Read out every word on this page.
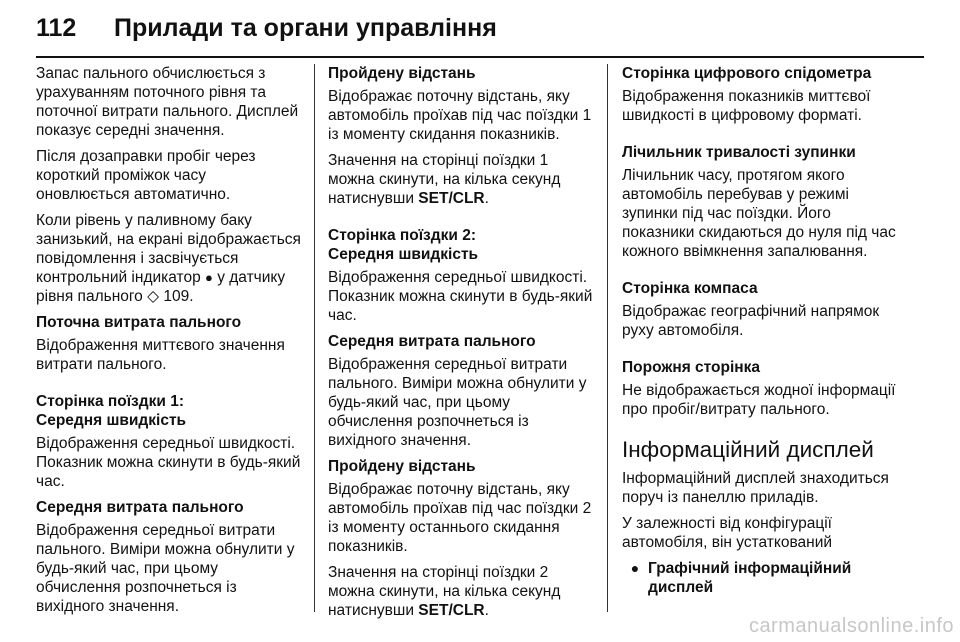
112	Прилади та органи управління

Запас пального обчислюється з урахуванням поточного рівня та поточної витрати пального. Дисплей показує середні значення.

Після дозаправки пробіг через короткий проміжок часу оновлюється автоматично.

Коли рівень у паливному баку занизький, на екрані відображається повідомлення і засвічується контрольний індикатор ● у датчику рівня пального ◇ 109.

Поточна витрата пального

Відображення миттєвого значення витрати пального.

Сторінка поїздки 1:
Середня швидкість

Відображення середньої швидкості. Показник можна скинути в будь-який час.

Середня витрата пального

Відображення середньої витрати пального. Виміри можна обнулити у будь-який час, при цьому обчислення розпочнеться із вихідного значення.

Пройдену відстань

Відображає поточну відстань, яку автомобіль проїхав під час поїздки 1 із моменту скидання показників.

Значення на сторінці поїздки 1 можна скинути, на кілька секунд натиснувши SET/CLR.

Сторінка поїздки 2:
Середня швидкість

Відображення середньої швидкості. Показник можна скинути в будь-який час.

Середня витрата пального

Відображення середньої витрати пального. Виміри можна обнулити у будь-який час, при цьому обчислення розпочнеться із вихідного значення.

Пройдену відстань

Відображає поточну відстань, яку автомобіль проїхав під час поїздки 2 із моменту останнього скидання показників.

Значення на сторінці поїздки 2 можна скинути, на кілька секунд натиснувши SET/CLR.

Сторінка цифрового спідометра

Відображення показників миттєвої швидкості в цифровому форматі.

Лічильник тривалості зупинки

Лічильник часу, протягом якого автомобіль перебував у режимі зупинки під час поїздки. Його показники скидаються до нуля під час кожного ввімкнення запалювання.

Сторінка компаса

Відображає географічний напрямок руху автомобіля.

Порожня сторінка

Не відображається жодної інформації про пробіг/витрату пального.

Інформаційний дисплей

Інформаційний дисплей знаходиться поруч із панеллю приладів.

У залежності від конфігурації автомобіля, він устаткований

● Графічний інформаційний дисплей
carmanualsonline.info
